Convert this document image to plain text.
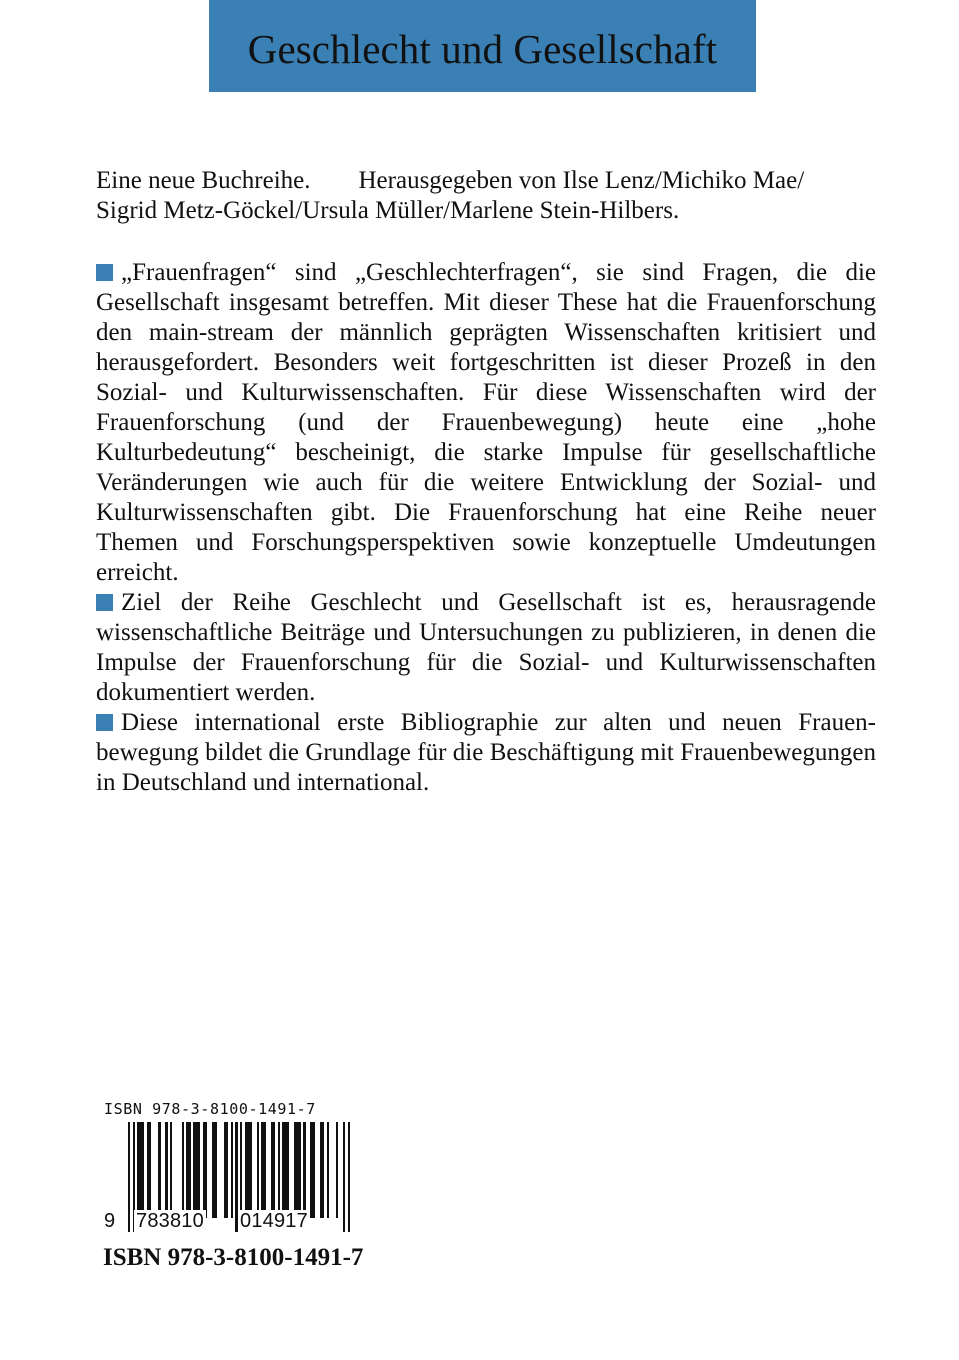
Geschlecht und Gesellschaft
Eine neue Buchreihe. Herausgegeben von Ilse Lenz/Michiko Mae/
Sigrid Metz-Göckel/Ursula Müller/Marlene Stein-Hilbers.

„Frauenfragen“ sind „Geschlechterfragen“, sie sind Fragen, die die Gesellschaft insgesamt betreffen. Mit dieser These hat die Frauenforschung den main-stream der männlich geprägten Wissenschaften kritisiert und herausgefordert. Besonders weit fortgeschritten ist dieser Prozeß in den Sozial- und Kulturwissenschaften. Für diese Wissenschaften wird der Frauenforschung (und der Frauenbewegung) heute eine „hohe Kulturbedeutung“ bescheinigt, die starke Impulse für gesellschaftliche Veränderungen wie auch für die weitere Entwicklung der Sozial- und Kulturwissenschaften gibt. Die Frauenforschung hat eine Reihe neuer Themen und Forschungsperspektiven sowie konzeptuelle Umdeutungen erreicht.

Ziel der Reihe Geschlecht und Gesellschaft ist es, herausragende wissenschaftliche Beiträge und Untersuchungen zu publizieren, in denen die Impulse der Frauenforschung für die Sozial- und Kulturwissenschaften dokumentiert werden.

Diese international erste Bibliographie zur alten und neuen Frauenbewegung bildet die Grundlage für die Beschäftigung mit Frauenbewegungen in Deutschland und international.

ISBN 978-3-8100-1491-7
9 783810 014917
ISBN 978-3-8100-1491-7
